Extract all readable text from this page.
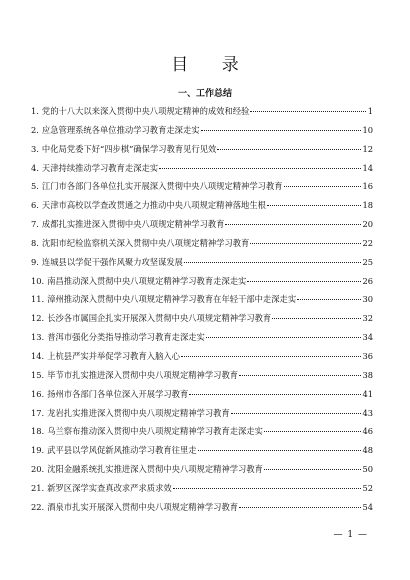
目 录
一、工作总结
1. 党的十八大以来深入贯彻中央八项规定精神的成效和经验	1
2. 应急管理系统各单位推动学习教育走深走实	10
3. 中化局党委下好“四步棋”确保学习教育见行见效	12
4. 天津持续推动学习教育走深走实	14
5. 江门市各部门各单位扎实开展深入贯彻中央八项规定精神学习教育	16
6. 天津市高校以学查改贯通之力推动中央八项规定精神落地生根	18
7. 成都扎实推进深入贯彻中央八项规定精神学习教育	20
8. 沈阳市纪检监察机关深入贯彻中央八项规定精神学习教育	22
9. 连城县以学促干强作风聚力攻坚谋发展	25
10. 南昌推动深入贯彻中央八项规定精神学习教育走深走实	26
11. 漳州推动深入贯彻中央八项规定精神学习教育在年轻干部中走深走实	30
12. 长沙各市属国企扎实开展深入贯彻中央八项规定精神学习教育	32
13. 普洱市强化分类指导推动学习教育走深走实	34
14. 上杭县严实并举促学习教育入脑入心	36
15. 毕节市扎实推进深入贯彻中央八项规定精神学习教育	38
16. 扬州市各部门各单位深入开展学习教育	41
17. 龙岩扎实推进深入贯彻中央八项规定精神学习教育	43
18. 乌兰察布推动深入贯彻中央八项规定精神学习教育走深走实	46
19. 武平县以学风促新风推动学习教育往里走	48
20. 沈阳金融系统扎实推进深入贯彻中央八项规定精神学习教育	50
21. 新罗区深学实查真改求严求质求效	52
22. 酒泉市扎实开展深入贯彻中央八项规定精神学习教育	54
— 1 —
